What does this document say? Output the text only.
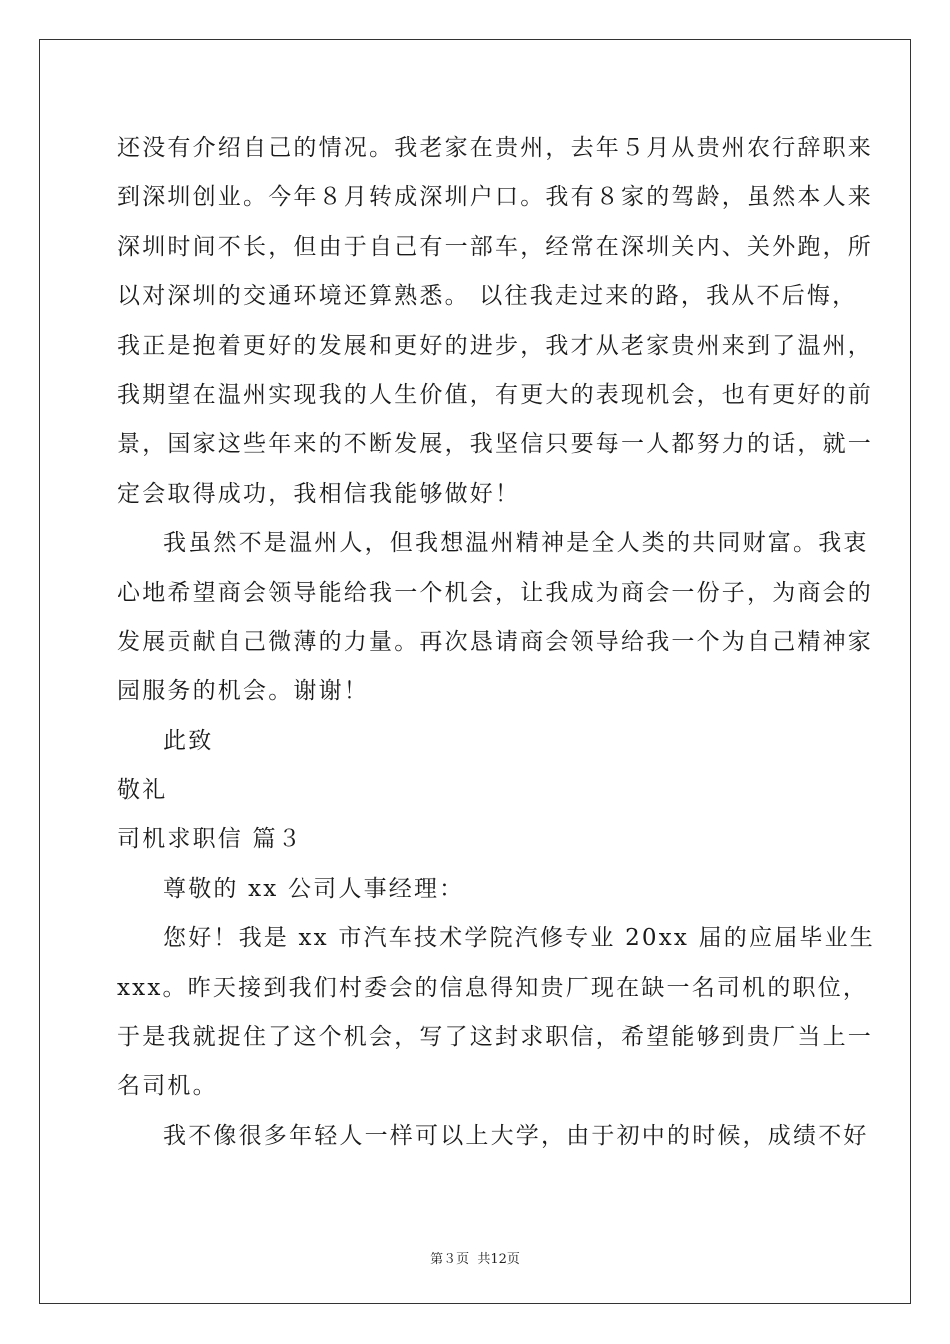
还没有介绍自己的情况。我老家在贵州，去年５月从贵州农行辞职来
到深圳创业。今年８月转成深圳户口。我有８家的驾龄，虽然本人来
深圳时间不长，但由于自己有一部车，经常在深圳关内、关外跑，所
以对深圳的交通环境还算熟悉。 以往我走过来的路，我从不后悔，
我正是抱着更好的发展和更好的进步，我才从老家贵州来到了温州，
我期望在温州实现我的人生价值，有更大的表现机会，也有更好的前
景，国家这些年来的不断发展，我坚信只要每一人都努力的话，就一
定会取得成功，我相信我能够做好！
我虽然不是温州人，但我想温州精神是全人类的共同财富。我衷
心地希望商会领导能给我一个机会，让我成为商会一份子，为商会的
发展贡献自己微薄的力量。再次恳请商会领导给我一个为自己精神家
园服务的机会。谢谢！
此致
敬礼
司机求职信 篇３
尊敬的 xx 公司人事经理：
您好！我是 xx 市汽车技术学院汽修专业 20xx 届的应届毕业生
xxx。昨天接到我们村委会的信息得知贵厂现在缺一名司机的职位，
于是我就捉住了这个机会，写了这封求职信，希望能够到贵厂当上一
名司机。
我不像很多年轻人一样可以上大学，由于初中的时候，成绩不好
第３页  共12页
